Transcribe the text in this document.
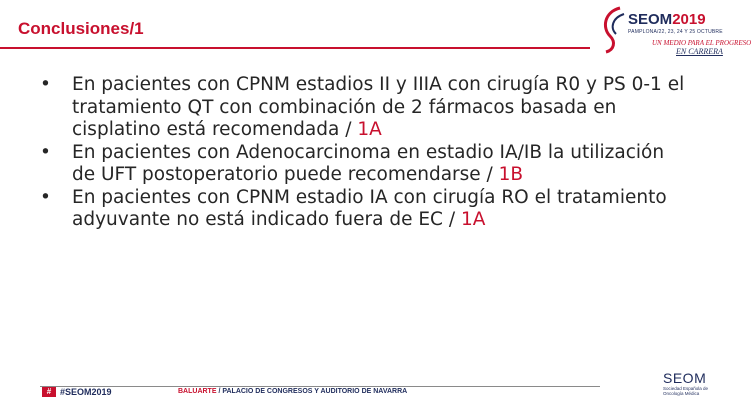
Conclusiones/1	SEOM2019
PAMPLONA/22, 23, 24 Y 25 OCTUBRE
UN MEDIO PARA EL PROGRESO
EN CARRERA
• En pacientes con CPNM estadios II y IIIA con cirugía R0 y PS 0-1 el tratamiento QT con combinación de 2 fármacos basada en cisplatino está recomendada / 1A
• En pacientes con Adenocarcinoma en estadio IA/IB la utilización de UFT postoperatorio puede recomendarse / 1B
• En pacientes con CPNM estadio IA con cirugía RO el tratamiento adyuvante no está indicado fuera de EC / 1A
# #SEOM2019	BALUARTE / PALACIO DE CONGRESOS Y AUDITORIO DE NAVARRA
SEOM
Sociedad Española de Oncología Médica
